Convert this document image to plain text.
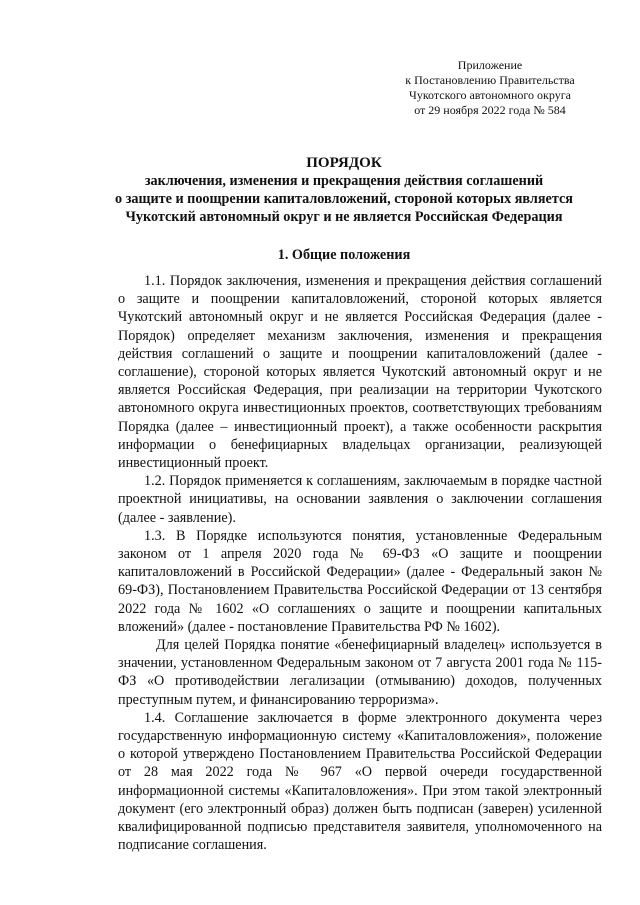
Приложение
к Постановлению Правительства
Чукотского автономного округа
от 29 ноября 2022 года № 584
ПОРЯДОК
заключения, изменения и прекращения действия соглашений
о защите и поощрении капиталовложений, стороной которых является
Чукотский автономный округ и не является Российская Федерация
1. Общие положения

1.1. Порядок заключения, изменения и прекращения действия соглашений о защите и поощрении капиталовложений, стороной которых является Чукотский автономный округ и не является Российская Федерация (далее - Порядок) определяет механизм заключения, изменения и прекращения действия соглашений о защите и поощрении капиталовложений (далее - соглашение), стороной которых является Чукотский автономный округ и не является Российская Федерация, при реализации на территории Чукотского автономного округа инвестиционных проектов, соответствующих требованиям Порядка (далее – инвестиционный проект), а также особенности раскрытия информации о бенефициарных владельцах организации, реализующей инвестиционный проект.

1.2. Порядок применяется к соглашениям, заключаемым в порядке частной проектной инициативы, на основании заявления о заключении соглашения (далее - заявление).

1.3. В Порядке используются понятия, установленные Федеральным законом от 1 апреля 2020 года № 69-ФЗ «О защите и поощрении капиталовложений в Российской Федерации» (далее - Федеральный закон № 69-ФЗ), Постановлением Правительства Российской Федерации от 13 сентября 2022 года № 1602 «О соглашениях о защите и поощрении капитальных вложений» (далее - постановление Правительства РФ № 1602).

Для целей Порядка понятие «бенефициарный владелец» используется в значении, установленном Федеральным законом от 7 августа 2001 года № 115-ФЗ «О противодействии легализации (отмыванию) доходов, полученных преступным путем, и финансированию терроризма».

1.4. Соглашение заключается в форме электронного документа через государственную информационную систему «Капиталовложения», положение о которой утверждено Постановлением Правительства Российской Федерации от 28 мая 2022 года № 967 «О первой очереди государственной информационной системы «Капиталовложения». При этом такой электронный документ (его электронный образ) должен быть подписан (заверен) усиленной квалифицированной подписью представителя заявителя, уполномоченного на подписание соглашения.
